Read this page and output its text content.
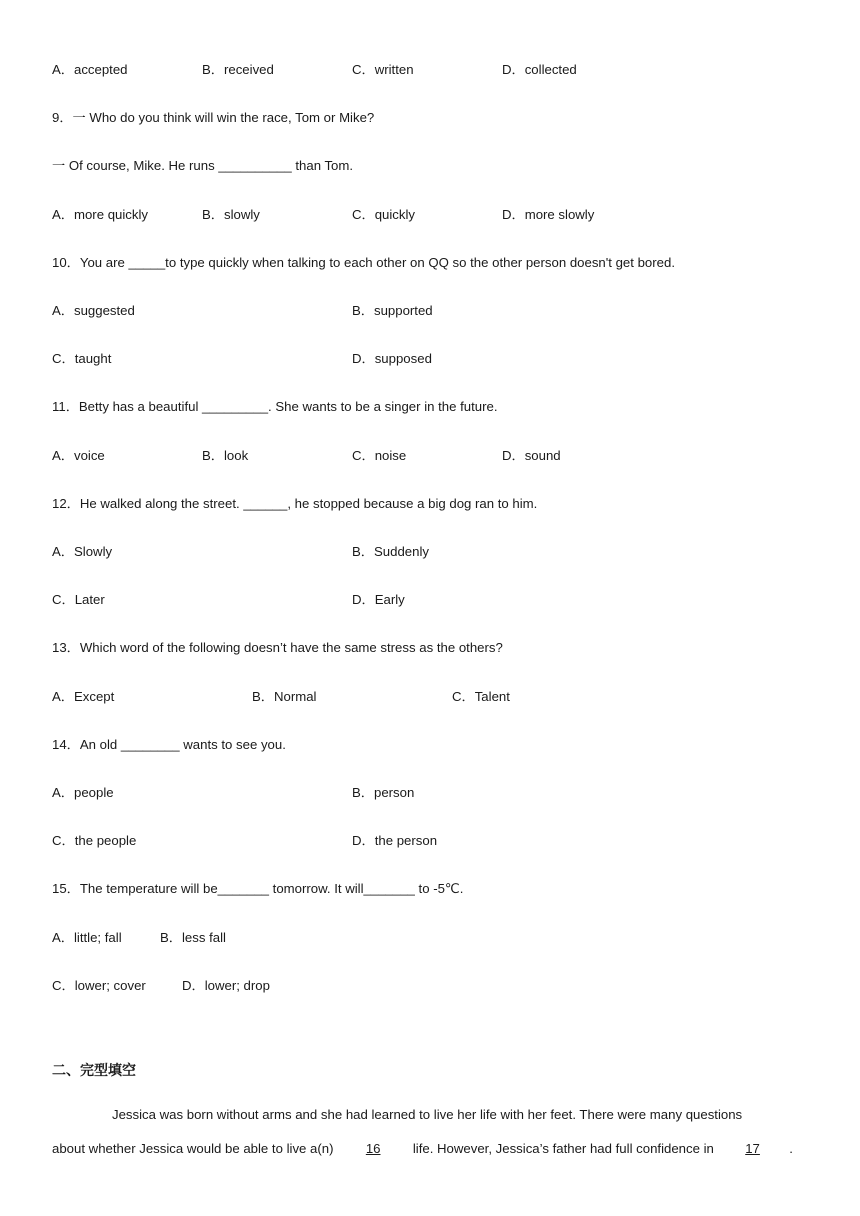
A．accepted	B．received	C．written	D．collected
9．一 Who do you think will win the race, Tom or Mike?
一 Of course, Mike. He runs __________ than Tom.
A．more quickly	B．slowly	C．quickly	D．more slowly
10．You are _____to type quickly when talking to each other on QQ so the other person doesn't get bored.
A．suggested	B．supported
C．taught	D．supposed
11．Betty has a beautiful _________. She wants to be a singer in the future.
A．voice	B．look	C．noise	D．sound
12．He walked along the street. ______, he stopped because a big dog ran to him.
A．Slowly	B．Suddenly
C．Later	D．Early
13．Which word of the following doesn’t have the same stress as the others?
A．Except	B．Normal	C．Talent
14．An old ________ wants to see you.
A．people	B．person
C．the people	D．the person
15．The temperature will be_______ tomorrow. It will_______ to -5℃.
A．little; fall	B．less fall
C．lower; cover	D．lower; drop
二、完型填空
Jessica was born without arms and she had learned to live her life with her feet. There were many questions
about whether Jessica would be able to live a(n) 16 life. However, Jessica’s father had full confidence in 17 .
